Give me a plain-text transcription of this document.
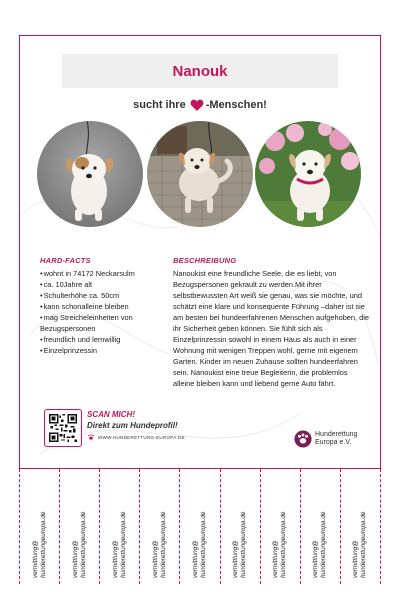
Nanouk
sucht ihre -Menschen!
HARD-FACTS
• wohnt in 74172 Neckarsulm
• ca. 10Jahre alt
• Schulterhöhe ca. 50cm
• kann schonalleine bleiben
• mag Streicheleinheiten von Bezugspersonen
• freundlich und lernwillig
• Einzelprinzessin
BESCHREIBUNG

Nanoukist eine freundliche Seele, die es liebt, von Bezugspersonen gekrault zu werden.Mit ihrer selbstbewussten Art weiß sie genau, was sie möchte, und schätzt eine klare und konsequente Führung –daher ist sie am besten bei hundeerfahrenen Menschen aufgehoben, die ihr Sicherheit geben können. Sie fühlt sich als Einzelprinzessin sowohl in einem Haus als auch in einer Wohnung mit wenigen Treppen wohl, gerne mit eigenem Garten. Kinder im neuen Zuhause sollten hundeerfahren sein. Nanoukist eine treue Begleiterin, die problemlos alleine bleiben kann und liebend gerne Auto fährt.

SCAN MICH!
Direkt zum Hundeprofil!
WWW.HUNDERETTUNG-EUROPA.DE	Hunderettung
Europa e.V.
vermittlung@ hunderettungeuropa.de	vermittlung@ hunderettungeuropa.de	vermittlung@ hunderettungeuropa.de	vermittlung@ hunderettungeuropa.de	vermittlung@ hunderettungeuropa.de	vermittlung@ hunderettungeuropa.de	vermittlung@ hunderettungeuropa.de	vermittlung@ hunderettungeuropa.de	vermittlung@ hunderettungeuropa.de
